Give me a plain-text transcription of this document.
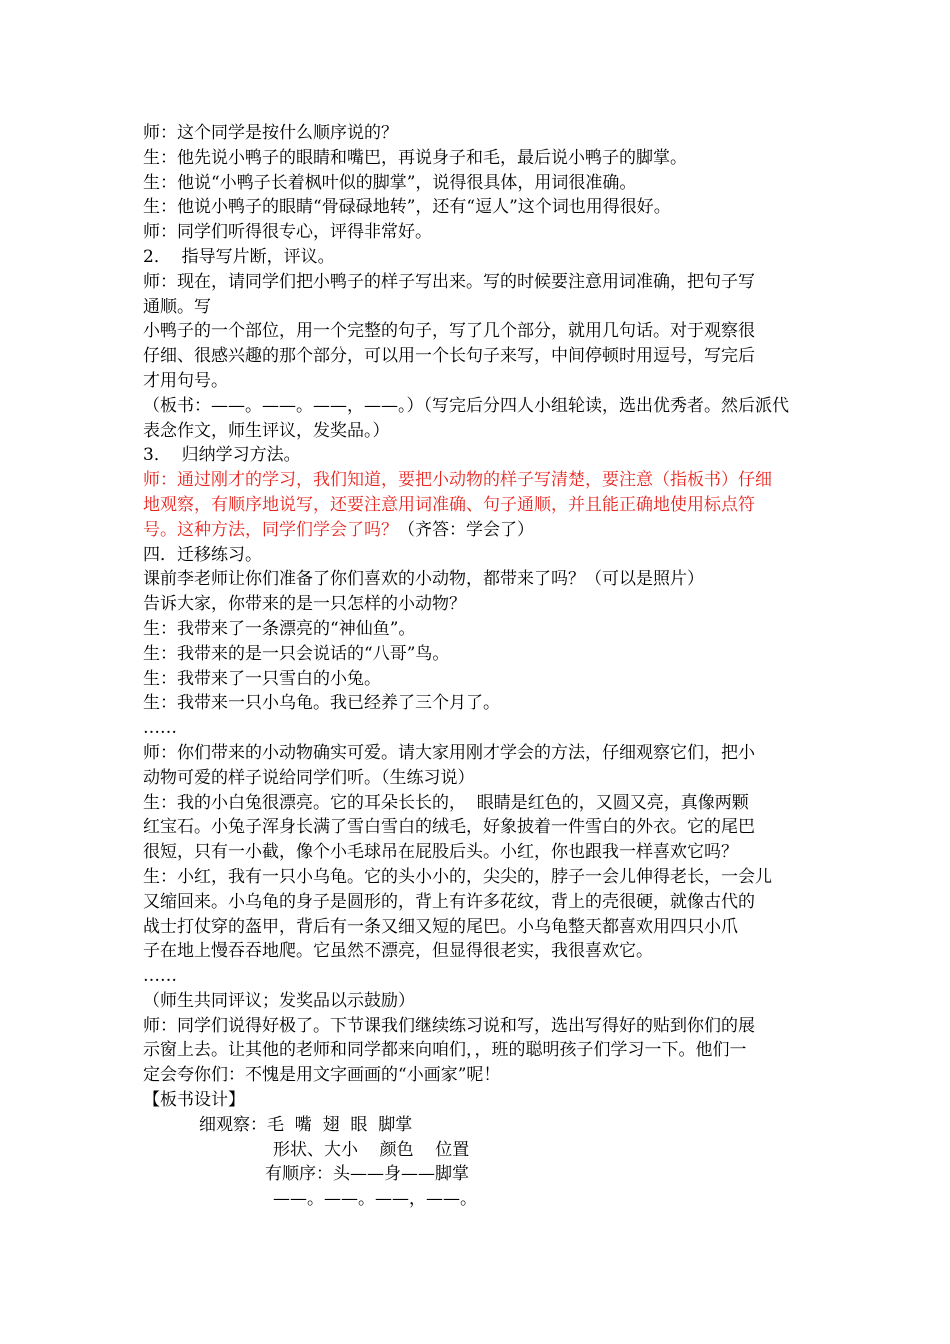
师：这个同学是按什么顺序说的？
生：他先说小鸭子的眼睛和嘴巴，再说身子和毛，最后说小鸭子的脚掌。
生：他说“小鸭子长着枫叶似的脚掌”，说得很具体，用词很准确。
生：他说小鸭子的眼睛“骨碌碌地转”，还有“逗人”这个词也用得很好。
师：同学们听得很专心，评得非常好。
2．  指导写片断，评议。
师：现在，请同学们把小鸭子的样子写出来。写的时候要注意用词准确，把句子写
通顺。写
小鸭子的一个部位，用一个完整的句子，写了几个部分，就用几句话。对于观察很
仔细、很感兴趣的那个部分，可以用一个长句子来写，中间停顿时用逗号，写完后
才用句号。
（板书：——。——。——，——。）（写完后分四人小组轮读，选出优秀者。然后派代
表念作文，师生评议，发奖品。）
3．  归纳学习方法。
师：通过刚才的学习，我们知道，要把小动物的样子写清楚，要注意（指板书）仔细
地观察，有顺序地说写，还要注意用词准确、句子通顺，并且能正确地使用标点符
号。这种方法，同学们学会了吗？（齐答：学会了）
四．迁移练习。
课前李老师让你们准备了你们喜欢的小动物，都带来了吗？（可以是照片）
告诉大家，你带来的是一只怎样的小动物？
生：我带来了一条漂亮的“神仙鱼”。
生：我带来的是一只会说话的“八哥”鸟。
生：我带来了一只雪白的小兔。
生：我带来一只小乌龟。我已经养了三个月了。
……
师：你们带来的小动物确实可爱。请大家用刚才学会的方法，仔细观察它们，把小
动物可爱的样子说给同学们听。（生练习说）
生：我的小白兔很漂亮。它的耳朵长长的，  眼睛是红色的，又圆又亮，真像两颗
红宝石。小兔子浑身长满了雪白雪白的绒毛，好象披着一件雪白的外衣。它的尾巴
很短，只有一小截，像个小毛球吊在屁股后头。小红，你也跟我一样喜欢它吗？
生：小红，我有一只小乌龟。它的头小小的，尖尖的，脖子一会儿伸得老长，一会儿
又缩回来。小乌龟的身子是圆形的，背上有许多花纹，背上的壳很硬，就像古代的
战士打仗穿的盔甲，背后有一条又细又短的尾巴。小乌龟整天都喜欢用四只小爪
子在地上慢吞吞地爬。它虽然不漂亮，但显得很老实，我很喜欢它。
……
（师生共同评议；发奖品以示鼓励）
师：同学们说得好极了。下节课我们继续练习说和写，选出写得好的贴到你们的展
示窗上去。让其他的老师和同学都来向咱们，，班的聪明孩子们学习一下。他们一
定会夸你们：不愧是用文字画画的“小画家”呢！
【板书设计】
细观察：毛  嘴  翅  眼  脚掌
形状、大小    颜色    位置
有顺序：头——身——脚掌
——。——。——，——。
